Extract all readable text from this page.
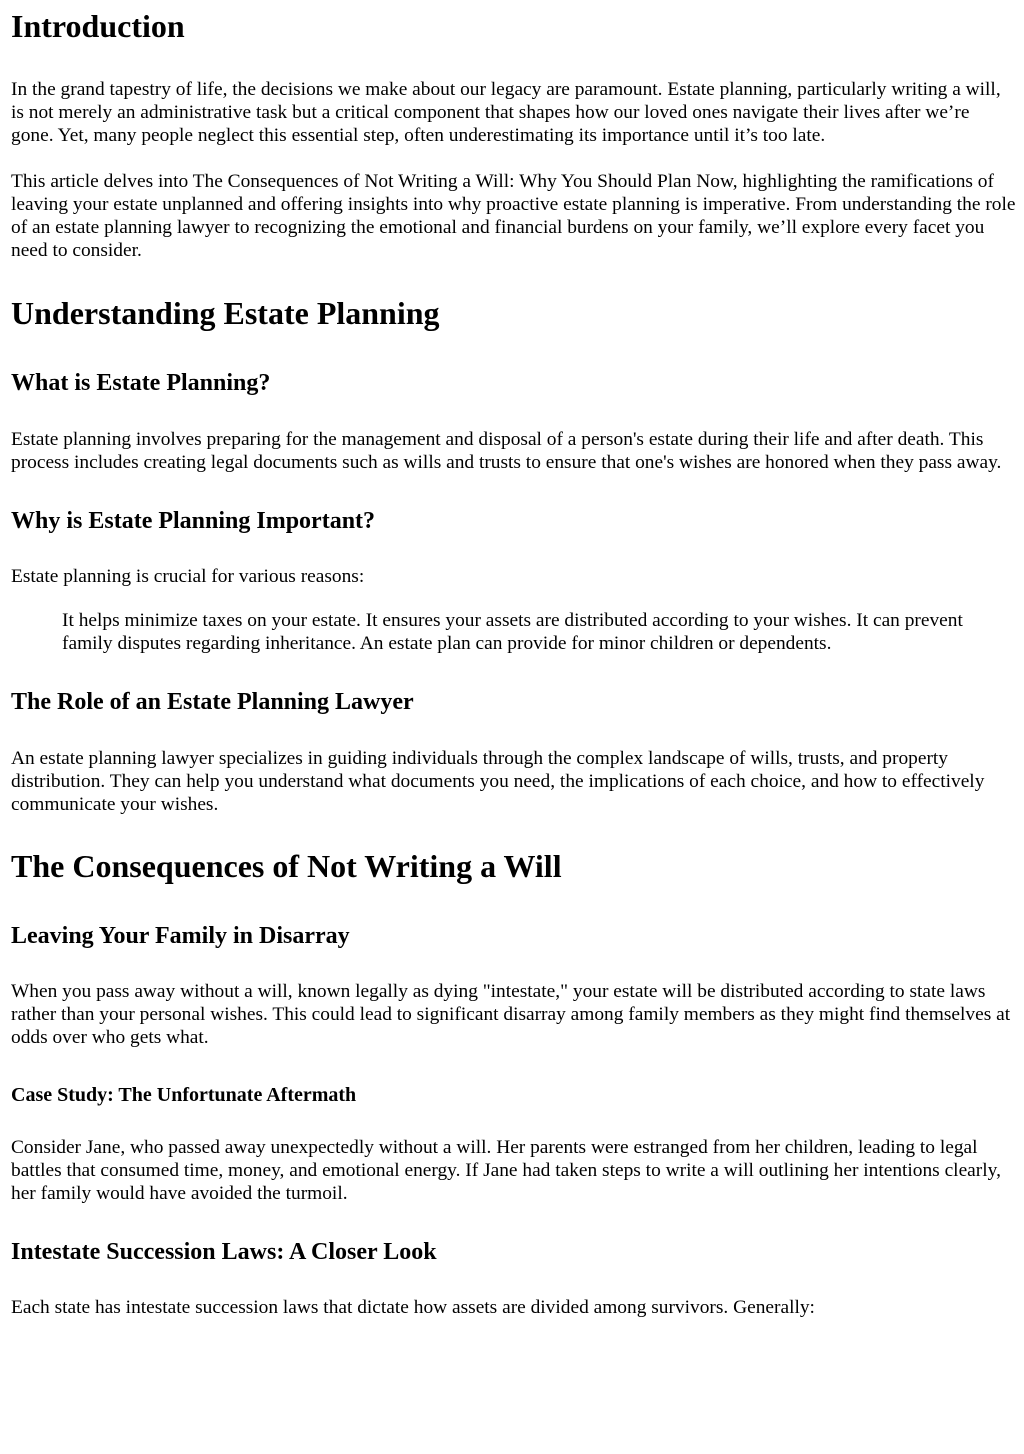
Introduction

In the grand tapestry of life, the decisions we make about our legacy are paramount. Estate planning, particularly writing a will, is not merely an administrative task but a critical component that shapes how our loved ones navigate their lives after we’re gone. Yet, many people neglect this essential step, often underestimating its importance until it’s too late.

This article delves into The Consequences of Not Writing a Will: Why You Should Plan Now, highlighting the ramifications of leaving your estate unplanned and offering insights into why proactive estate planning is imperative. From understanding the role of an estate planning lawyer to recognizing the emotional and financial burdens on your family, we’ll explore every facet you need to consider.

Understanding Estate Planning
What is Estate Planning?

Estate planning involves preparing for the management and disposal of a person's estate during their life and after death. This process includes creating legal documents such as wills and trusts to ensure that one's wishes are honored when they pass away.

Why is Estate Planning Important?

Estate planning is crucial for various reasons:

It helps minimize taxes on your estate. It ensures your assets are distributed according to your wishes. It can prevent family disputes regarding inheritance. An estate plan can provide for minor children or dependents.
The Role of an Estate Planning Lawyer

An estate planning lawyer specializes in guiding individuals through the complex landscape of wills, trusts, and property distribution. They can help you understand what documents you need, the implications of each choice, and how to effectively communicate your wishes.

The Consequences of Not Writing a Will
Leaving Your Family in Disarray

When you pass away without a will, known legally as dying "intestate," your estate will be distributed according to state laws rather than your personal wishes. This could lead to significant disarray among family members as they might find themselves at odds over who gets what.

Case Study: The Unfortunate Aftermath

Consider Jane, who passed away unexpectedly without a will. Her parents were estranged from her children, leading to legal battles that consumed time, money, and emotional energy. If Jane had taken steps to write a will outlining her intentions clearly, her family would have avoided the turmoil.

Intestate Succession Laws: A Closer Look

Each state has intestate succession laws that dictate how assets are divided among survivors. Generally:
